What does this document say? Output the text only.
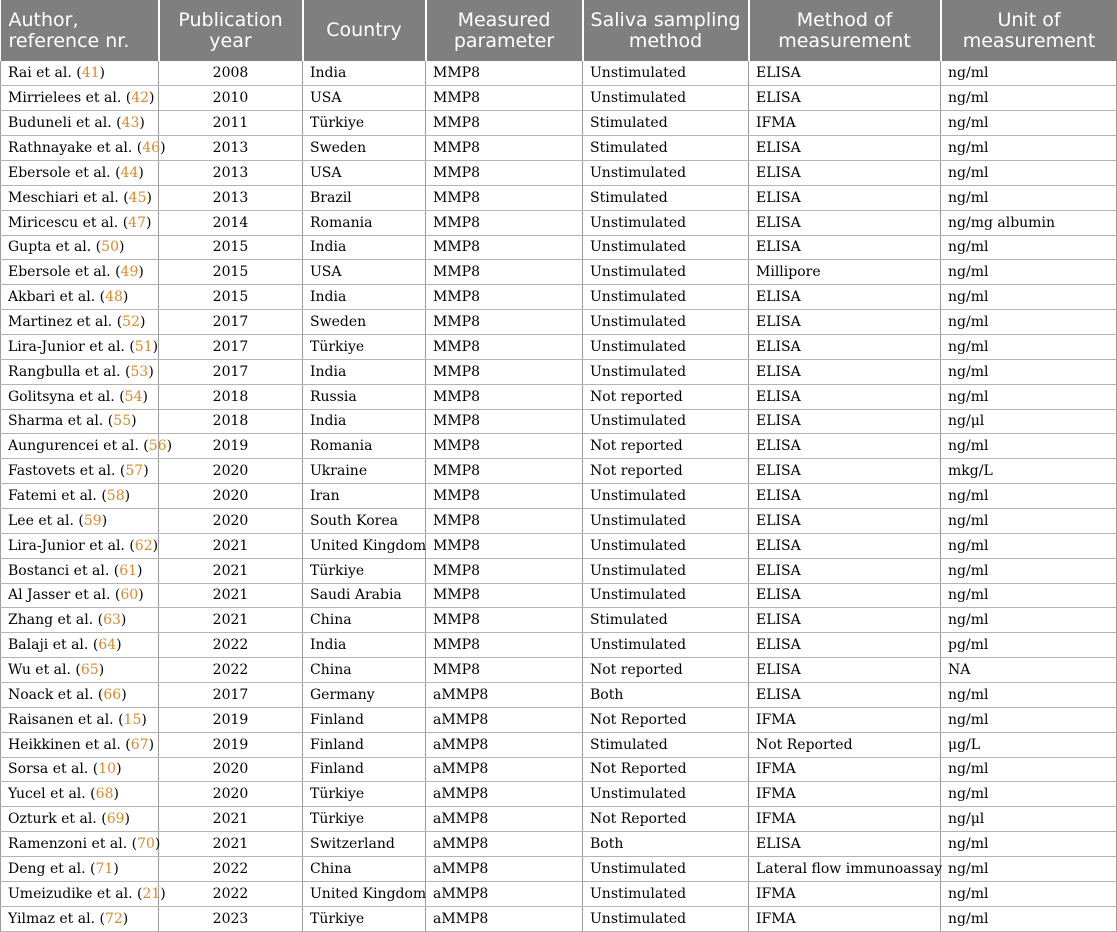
Author, reference nr.	Publication year	Country	Measured parameter	Saliva sampling method	Method of measurement	Unit of measurement
Rai et al. (41)	2008	India	MMP8	Unstimulated	ELISA	ng/ml
Mirrielees et al. (42)	2010	USA	MMP8	Unstimulated	ELISA	ng/ml
Buduneli et al. (43)	2011	Türkiye	MMP8	Stimulated	IFMA	ng/ml
Rathnayake et al. (46)	2013	Sweden	MMP8	Stimulated	ELISA	ng/ml
Ebersole et al. (44)	2013	USA	MMP8	Unstimulated	ELISA	ng/ml
Meschiari et al. (45)	2013	Brazil	MMP8	Stimulated	ELISA	ng/ml
Miricescu et al. (47)	2014	Romania	MMP8	Unstimulated	ELISA	ng/mg albumin
Gupta et al. (50)	2015	India	MMP8	Unstimulated	ELISA	ng/ml
Ebersole et al. (49)	2015	USA	MMP8	Unstimulated	Millipore	ng/ml
Akbari et al. (48)	2015	India	MMP8	Unstimulated	ELISA	ng/ml
Martinez et al. (52)	2017	Sweden	MMP8	Unstimulated	ELISA	ng/ml
Lira-Junior et al. (51)	2017	Türkiye	MMP8	Unstimulated	ELISA	ng/ml
Rangbulla et al. (53)	2017	India	MMP8	Unstimulated	ELISA	ng/ml
Golitsyna et al. (54)	2018	Russia	MMP8	Not reported	ELISA	ng/ml
Sharma et al. (55)	2018	India	MMP8	Unstimulated	ELISA	ng/μl
Aungurencei et al. (56)	2019	Romania	MMP8	Not reported	ELISA	ng/ml
Fastovets et al. (57)	2020	Ukraine	MMP8	Not reported	ELISA	mkg/L
Fatemi et al. (58)	2020	Iran	MMP8	Unstimulated	ELISA	ng/ml
Lee et al. (59)	2020	South Korea	MMP8	Unstimulated	ELISA	ng/ml
Lira-Junior et al. (62)	2021	United Kingdom	MMP8	Unstimulated	ELISA	ng/ml
Bostanci et al. (61)	2021	Türkiye	MMP8	Unstimulated	ELISA	ng/ml
Al Jasser et al. (60)	2021	Saudi Arabia	MMP8	Unstimulated	ELISA	ng/ml
Zhang et al. (63)	2021	China	MMP8	Stimulated	ELISA	ng/ml
Balaji et al. (64)	2022	India	MMP8	Unstimulated	ELISA	pg/ml
Wu et al. (65)	2022	China	MMP8	Not reported	ELISA	NA
Noack et al. (66)	2017	Germany	aMMP8	Both	ELISA	ng/ml
Raisanen et al. (15)	2019	Finland	aMMP8	Not Reported	IFMA	ng/ml
Heikkinen et al. (67)	2019	Finland	aMMP8	Stimulated	Not Reported	μg/L
Sorsa et al. (10)	2020	Finland	aMMP8	Not Reported	IFMA	ng/ml
Yucel et al. (68)	2020	Türkiye	aMMP8	Unstimulated	IFMA	ng/ml
Ozturk et al. (69)	2021	Türkiye	aMMP8	Not Reported	IFMA	ng/μl
Ramenzoni et al. (70)	2021	Switzerland	aMMP8	Both	ELISA	ng/ml
Deng et al. (71)	2022	China	aMMP8	Unstimulated	Lateral flow immunoassay	ng/ml
Umeizudike et al. (21)	2022	United Kingdom	aMMP8	Unstimulated	IFMA	ng/ml
Yilmaz et al. (72)	2023	Türkiye	aMMP8	Unstimulated	IFMA	ng/ml
